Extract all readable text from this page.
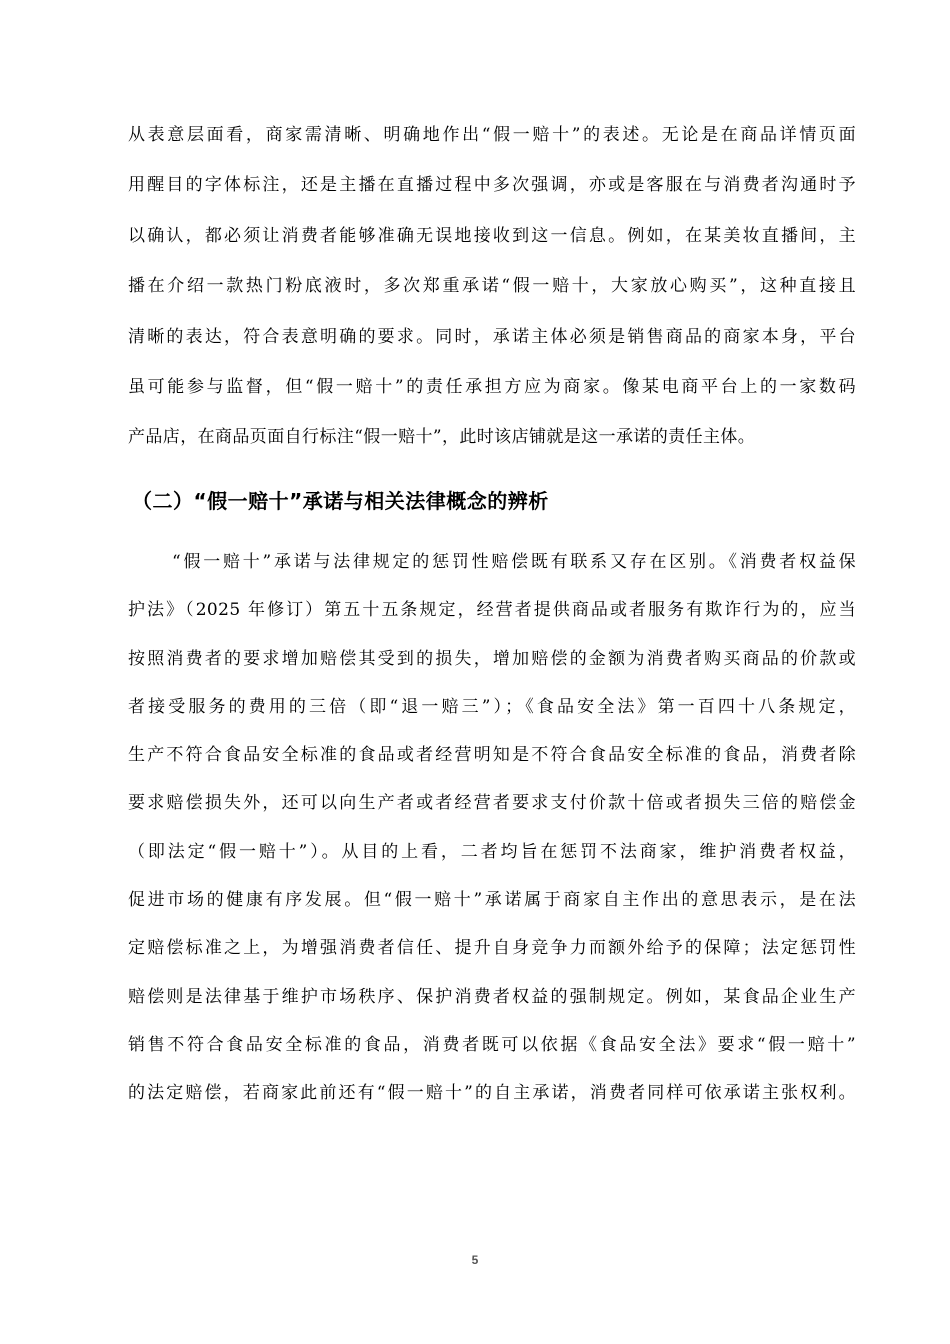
从表意层面看，商家需清晰、明确地作出“假一赔十”的表述。无论是在商品详情页面
用醒目的字体标注，还是主播在直播过程中多次强调，亦或是客服在与消费者沟通时予
以确认，都必须让消费者能够准确无误地接收到这一信息。例如，在某美妆直播间，主
播在介绍一款热门粉底液时，多次郑重承诺“假一赔十，大家放心购买”，这种直接且
清晰的表达，符合表意明确的要求。同时，承诺主体必须是销售商品的商家本身，平台
虽可能参与监督，但“假一赔十”的责任承担方应为商家。像某电商平台上的一家数码
产品店，在商品页面自行标注“假一赔十”，此时该店铺就是这一承诺的责任主体。
（二）“假一赔十”承诺与相关法律概念的辨析
“假一赔十”承诺与法律规定的惩罚性赔偿既有联系又存在区别。《消费者权益保
护法》（2025 年修订）第五十五条规定，经营者提供商品或者服务有欺诈行为的，应当
按照消费者的要求增加赔偿其受到的损失，增加赔偿的金额为消费者购买商品的价款或
者接受服务的费用的三倍（即“退一赔三”）；《食品安全法》第一百四十八条规定，
生产不符合食品安全标准的食品或者经营明知是不符合食品安全标准的食品，消费者除
要求赔偿损失外，还可以向生产者或者经营者要求支付价款十倍或者损失三倍的赔偿金
（即法定“假一赔十”）。从目的上看，二者均旨在惩罚不法商家，维护消费者权益，
促进市场的健康有序发展。但“假一赔十”承诺属于商家自主作出的意思表示，是在法
定赔偿标准之上，为增强消费者信任、提升自身竞争力而额外给予的保障；法定惩罚性
赔偿则是法律基于维护市场秩序、保护消费者权益的强制规定。例如，某食品企业生产
销售不符合食品安全标准的食品，消费者既可以依据《食品安全法》要求“假一赔十”
的法定赔偿，若商家此前还有“假一赔十”的自主承诺，消费者同样可依承诺主张权利。
5
